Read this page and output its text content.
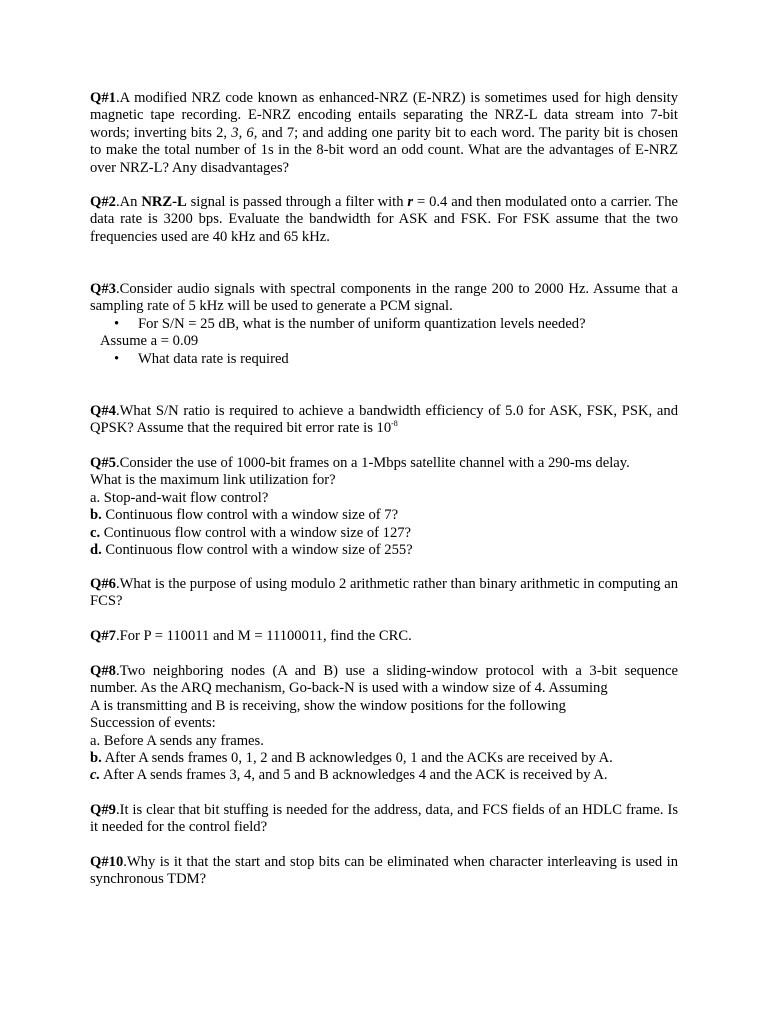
Q#1.A modified NRZ code known as enhanced-NRZ (E-NRZ) is sometimes used for high density magnetic tape recording. E-NRZ encoding entails separating the NRZ-L data stream into 7-bit words; inverting bits 2, 3, 6, and 7; and adding one parity bit to each word. The parity bit is chosen to make the total number of 1s in the 8-bit word an odd count. What are the advantages of E-NRZ over NRZ-L? Any disadvantages?

Q#2.An NRZ-L signal is passed through a filter with r = 0.4 and then modulated onto a carrier. The data rate is 3200 bps. Evaluate the bandwidth for ASK and FSK. For FSK assume that the two frequencies used are 40 kHz and 65 kHz.

Q#3.Consider audio signals with spectral components in the range 200 to 2000 Hz. Assume that a sampling rate of 5 kHz will be used to generate a PCM signal.

• For S/N = 25 dB, what is the number of uniform quantization levels needed?
Assume a = 0.09
• What data rate is required

Q#4.What S/N ratio is required to achieve a bandwidth efficiency of 5.0 for ASK, FSK, PSK, and QPSK? Assume that the required bit error rate is $10^{-8}$

Q#5.Consider the use of 1000-bit frames on a 1-Mbps satellite channel with a 290-ms delay.
What is the maximum link utilization for?
a. Stop-and-wait flow control?
b. Continuous flow control with a window size of 7?
c. Continuous flow control with a window size of 127?
d. Continuous flow control with a window size of 255?

Q#6.What is the purpose of using modulo 2 arithmetic rather than binary arithmetic in computing an FCS?

Q#7.For P = 110011 and M = 11100011, find the CRC.

Q#8.Two neighboring nodes (A and B) use a sliding-window protocol with a 3-bit sequence number. As the ARQ mechanism, Go-back-N is used with a window size of 4. Assuming

A is transmitting and B is receiving, show the window positions for the following
Succession of events:
a. Before A sends any frames.
b. After A sends frames 0, 1, 2 and B acknowledges 0, 1 and the ACKs are received by A.
c. After A sends frames 3, 4, and 5 and B acknowledges 4 and the ACK is received by A.

Q#9.It is clear that bit stuffing is needed for the address, data, and FCS fields of an HDLC frame. Is it needed for the control field?

Q#10.Why is it that the start and stop bits can be eliminated when character interleaving is used in synchronous TDM?
